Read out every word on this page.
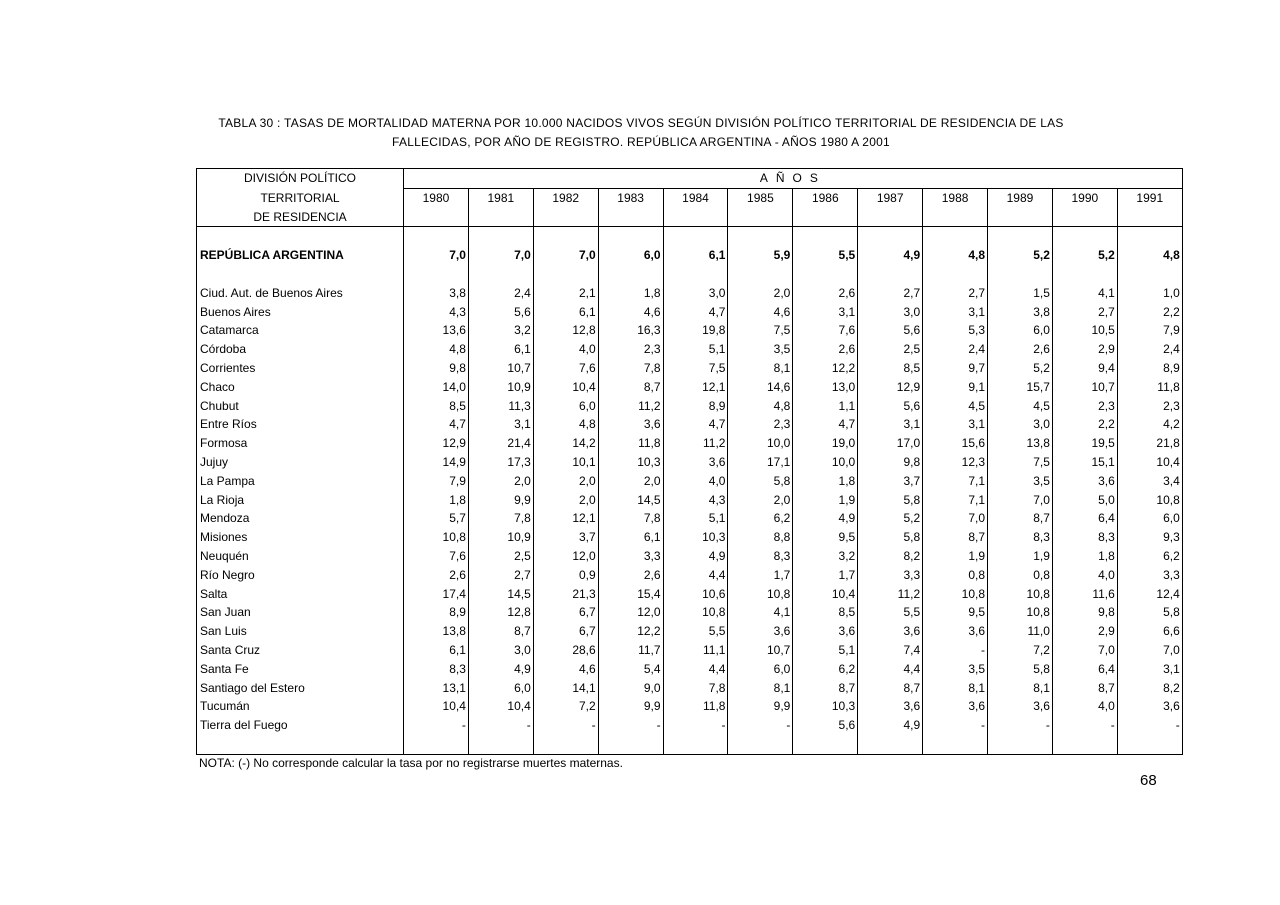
TABLA 30 : TASAS DE MORTALIDAD MATERNA POR 10.000 NACIDOS VIVOS SEGÚN DIVISIÓN POLÍTICO TERRITORIAL DE RESIDENCIA DE LAS
FALLECIDAS, POR AÑO DE REGISTRO. REPÚBLICA ARGENTINA - AÑOS 1980 A 2001
DIVISIÓN POLÍTICO	AÑOS											
TERRITORIAL	1980	1981	1982	1983	1984	1985	1986	1987	1988	1989	1990	1991
DE RESIDENCIA												

REPÚBLICA ARGENTINA	7,0	7,0	7,0	6,0	6,1	5,9	5,5	4,9	4,8	5,2	5,2	4,8

Ciud. Aut. de Buenos Aires	3,8	2,4	2,1	1,8	3,0	2,0	2,6	2,7	2,7	1,5	4,1	1,0
Buenos Aires	4,3	5,6	6,1	4,6	4,7	4,6	3,1	3,0	3,1	3,8	2,7	2,2
Catamarca	13,6	3,2	12,8	16,3	19,8	7,5	7,6	5,6	5,3	6,0	10,5	7,9
Córdoba	4,8	6,1	4,0	2,3	5,1	3,5	2,6	2,5	2,4	2,6	2,9	2,4
Corrientes	9,8	10,7	7,6	7,8	7,5	8,1	12,2	8,5	9,7	5,2	9,4	8,9
Chaco	14,0	10,9	10,4	8,7	12,1	14,6	13,0	12,9	9,1	15,7	10,7	11,8
Chubut	8,5	11,3	6,0	11,2	8,9	4,8	1,1	5,6	4,5	4,5	2,3	2,3
Entre Ríos	4,7	3,1	4,8	3,6	4,7	2,3	4,7	3,1	3,1	3,0	2,2	4,2
Formosa	12,9	21,4	14,2	11,8	11,2	10,0	19,0	17,0	15,6	13,8	19,5	21,8
Jujuy	14,9	17,3	10,1	10,3	3,6	17,1	10,0	9,8	12,3	7,5	15,1	10,4
La Pampa	7,9	2,0	2,0	2,0	4,0	5,8	1,8	3,7	7,1	3,5	3,6	3,4
La Rioja	1,8	9,9	2,0	14,5	4,3	2,0	1,9	5,8	7,1	7,0	5,0	10,8
Mendoza	5,7	7,8	12,1	7,8	5,1	6,2	4,9	5,2	7,0	8,7	6,4	6,0
Misiones	10,8	10,9	3,7	6,1	10,3	8,8	9,5	5,8	8,7	8,3	8,3	9,3
Neuquén	7,6	2,5	12,0	3,3	4,9	8,3	3,2	8,2	1,9	1,9	1,8	6,2
Río Negro	2,6	2,7	0,9	2,6	4,4	1,7	1,7	3,3	0,8	0,8	4,0	3,3
Salta	17,4	14,5	21,3	15,4	10,6	10,8	10,4	11,2	10,8	10,8	11,6	12,4
San Juan	8,9	12,8	6,7	12,0	10,8	4,1	8,5	5,5	9,5	10,8	9,8	5,8
San Luis	13,8	8,7	6,7	12,2	5,5	3,6	3,6	3,6	3,6	11,0	2,9	6,6
Santa Cruz	6,1	3,0	28,6	11,7	11,1	10,7	5,1	7,4	-	7,2	7,0	7,0
Santa Fe	8,3	4,9	4,6	5,4	4,4	6,0	6,2	4,4	3,5	5,8	6,4	3,1
Santiago del Estero	13,1	6,0	14,1	9,0	7,8	8,1	8,7	8,7	8,1	8,1	8,7	8,2
Tucumán	10,4	10,4	7,2	9,9	11,8	9,9	10,3	3,6	3,6	3,6	4,0	3,6
Tierra del Fuego	-	-	-	-	-	-	5,6	4,9	-	-	-	-

NOTA: (-) No corresponde calcular la tasa por no registrarse muertes maternas.
68
